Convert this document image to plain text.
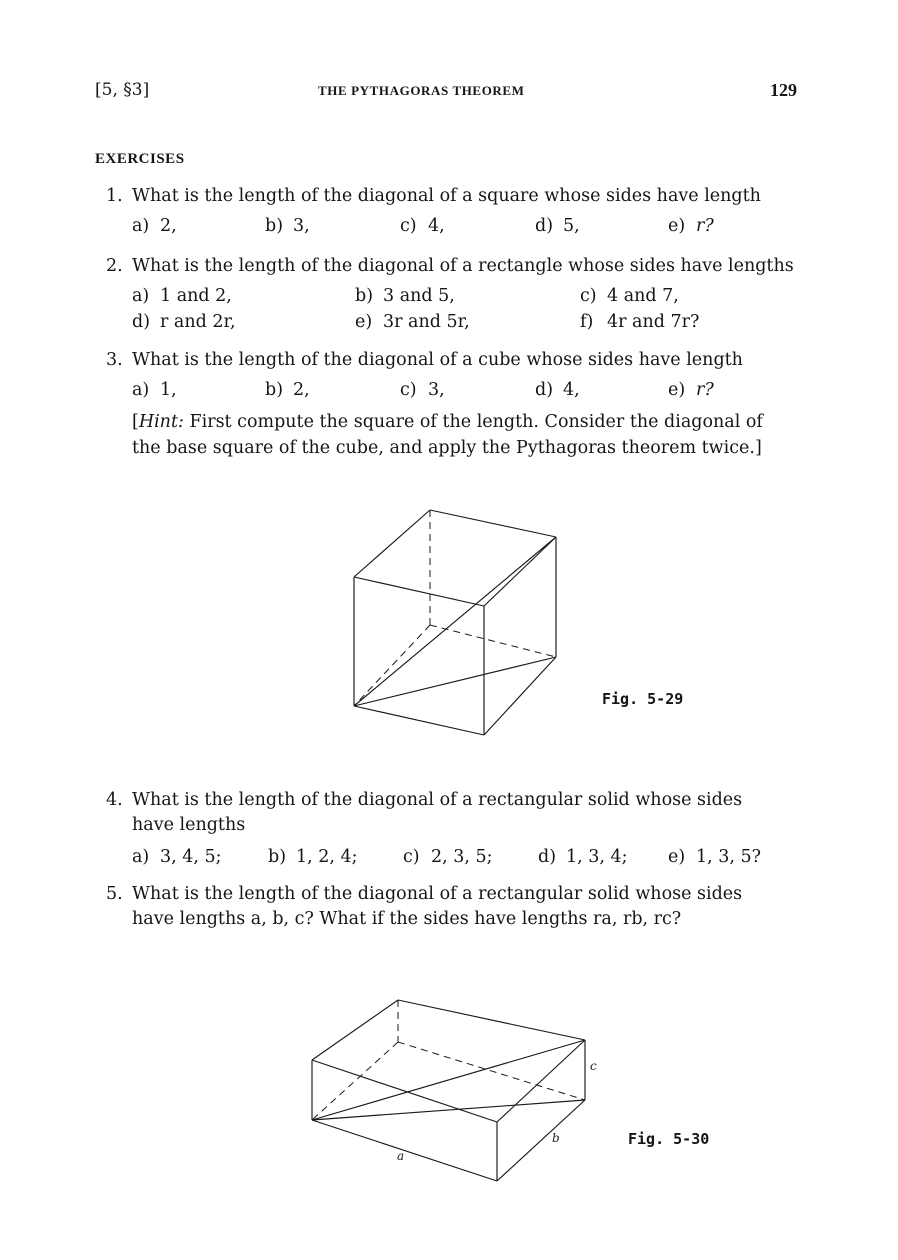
[5, §3]	THE PYTHAGORAS THEOREM	129
EXERCISES
1. What is the length of the diagonal of a square whose sides have length
a) 2,	b) 3,	c) 4,	d) 5,	e) r?
2. What is the length of the diagonal of a rectangle whose sides have lengths
a) 1 and 2,	b) 3 and 5,	c) 4 and 7,
d) r and 2r,	e) 3r and 5r,	f) 4r and 7r?
3. What is the length of the diagonal of a cube whose sides have length
a) 1,	b) 2,	c) 3,	d) 4,	e) r?
[Hint: First compute the square of the length. Consider the diagonal of
the base square of the cube, and apply the Pythagoras theorem twice.]
a
b
c
Fig. 5-29
4. What is the length of the diagonal of a rectangular solid whose sides
have lengths
a) 3, 4, 5;	b) 1, 2, 4;	c) 2, 3, 5;	d) 1, 3, 4; e) 1, 3, 5?
5. What is the length of the diagonal of a rectangular solid whose sides
have lengths a, b, c? What if the sides have lengths ra, rb, rc?
Fig. 5-30
